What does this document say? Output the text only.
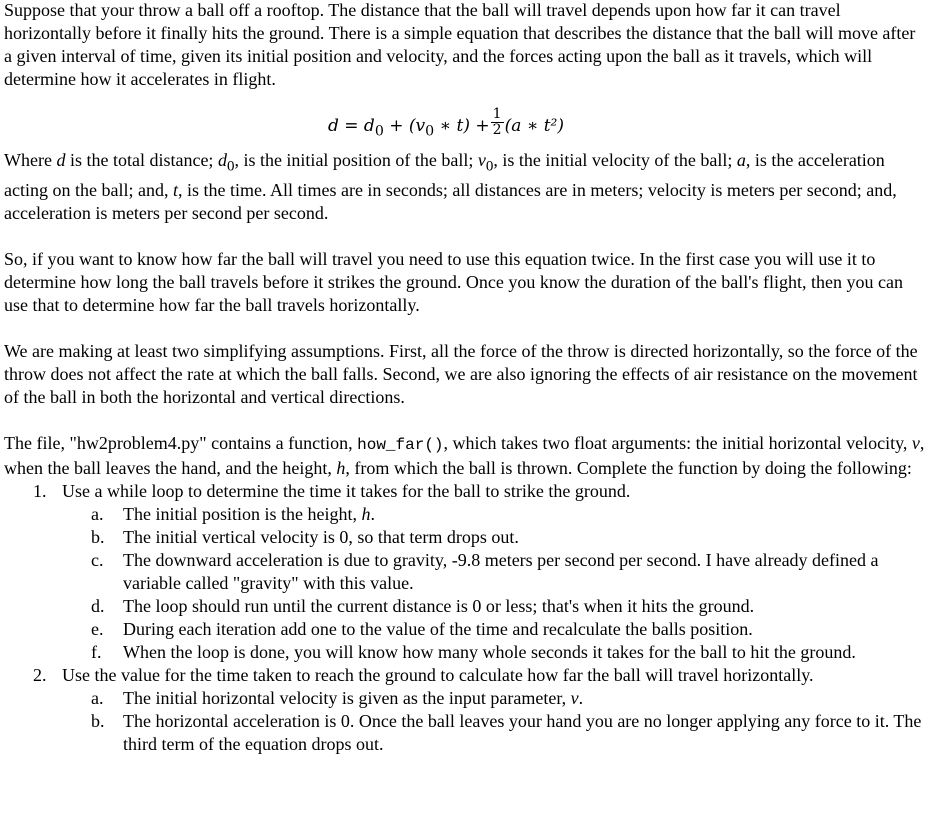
Suppose that your throw a ball off a rooftop. The distance that the ball will travel depends upon how far it can travel horizontally before it finally hits the ground. There is a simple equation that describes the distance that the ball will move after a given interval of time, given its initial position and velocity, and the forces acting upon the ball as it travels, which will determine how it accelerates in flight.

$d = d_0 + (v_0$ ∗ $t) + \frac{1}{2} (a$ ∗ t²)

Where d is the total distance; $d_0$, is the initial position of the ball; $v_0$, is the initial velocity of the ball; a, is the acceleration acting on the ball; and, t, is the time. All times are in seconds; all distances are in meters; velocity is meters per second; and, acceleration is meters per second per second.

So, if you want to know how far the ball will travel you need to use this equation twice. In the first case you will use it to determine how long the ball travels before it strikes the ground. Once you know the duration of the ball's flight, then you can use that to determine how far the ball travels horizontally.

We are making at least two simplifying assumptions. First, all the force of the throw is directed horizontally, so the force of the throw does not affect the rate at which the ball falls. Second, we are also ignoring the effects of air resistance on the movement of the ball in both the horizontal and vertical directions.

The file, "hw2problem4.py" contains a function, how_far(), which takes two float arguments: the initial horizontal velocity, v, when the ball leaves the hand, and the height, h, from which the ball is thrown. Complete the function by doing the following:

1. Use a while loop to determine the time it takes for the ball to strike the ground.
a. The initial position is the height, h.
b. The initial vertical velocity is 0, so that term drops out.
c. The downward acceleration is due to gravity, -9.8 meters per second per second. I have already defined a variable called "gravity" with this value.
d. The loop should run until the current distance is 0 or less; that's when it hits the ground.
e. During each iteration add one to the value of the time and recalculate the balls position.
f. When the loop is done, you will know how many whole seconds it takes for the ball to hit the ground.
2. Use the value for the time taken to reach the ground to calculate how far the ball will travel horizontally.
a. The initial horizontal velocity is given as the input parameter, v.
b. The horizontal acceleration is 0. Once the ball leaves your hand you are no longer applying any force to it. The third term of the equation drops out.
